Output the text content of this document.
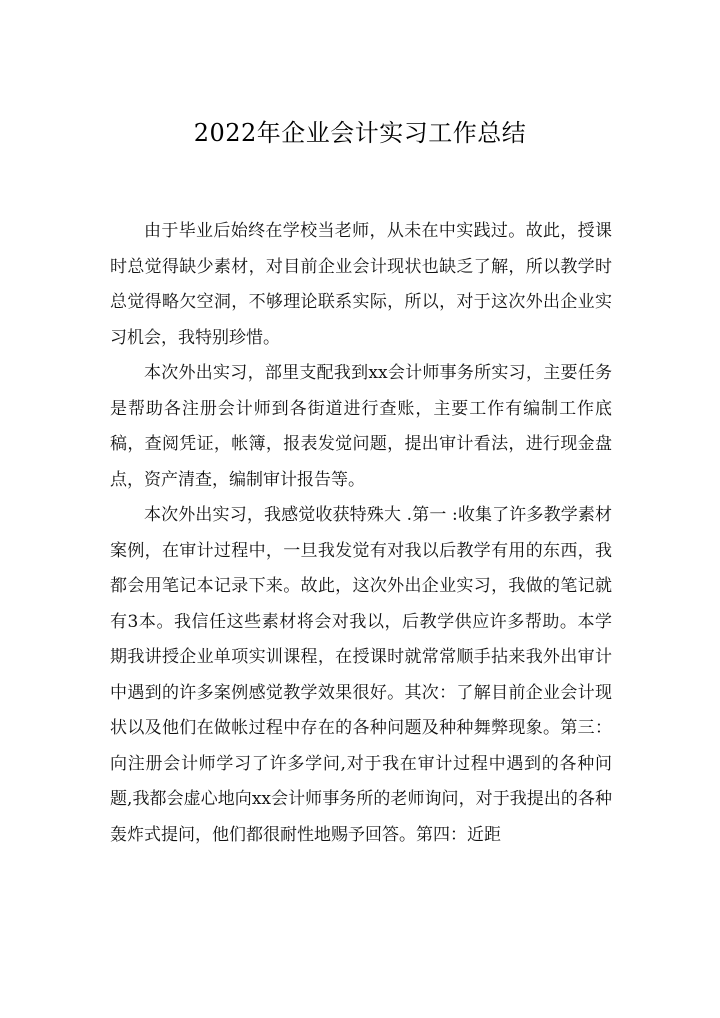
2022年企业会计实习工作总结

由于毕业后始终在学校当老师，从未在中实践过。故此，授课时总觉得缺少素材，对目前企业会计现状也缺乏了解，所以教学时总觉得略欠空洞，不够理论联系实际，所以，对于这次外出企业实习机会，我特别珍惜。

本次外出实习，部里支配我到xx会计师事务所实习，主要任务是帮助各注册会计师到各街道进行查账，主要工作有编制工作底稿，查阅凭证，帐簿，报表发觉问题，提出审计看法，进行现金盘点，资产清查，编制审计报告等。

本次外出实习，我感觉收获特殊大 .第一 :收集了许多教学素材案例，在审计过程中，一旦我发觉有对我以后教学有用的东西，我都会用笔记本记录下来。故此，这次外出企业实习，我做的笔记就有3本。我信任这些素材将会对我以，后教学供应许多帮助。本学期我讲授企业单项实训课程，在授课时就常常顺手拈来我外出审计中遇到的许多案例感觉教学效果很好。其次：了解目前企业会计现状以及他们在做帐过程中存在的各种问题及种种舞弊现象。第三：向注册会计师学习了许多学问,对于我在审计过程中遇到的各种问题,我都会虚心地向xx会计师事务所的老师询问，对于我提出的各种轰炸式提问，他们都很耐性地赐予回答。第四：近距
